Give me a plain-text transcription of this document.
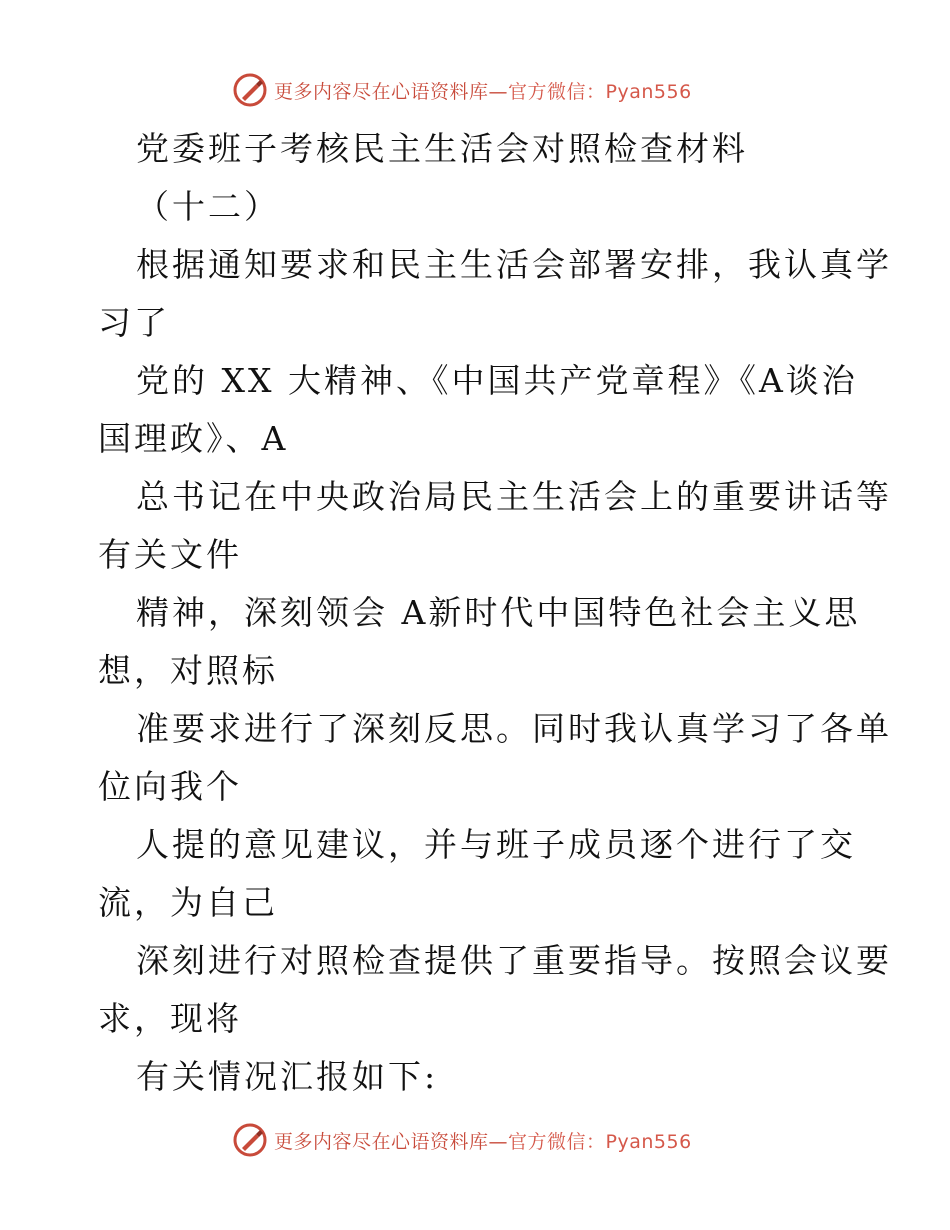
更多内容尽在心语资料库—官方微信：Pyan556
党委班子考核民主生活会对照检查材料
（十二）
根据通知要求和民主生活会部署安排，我认真学
习了
党的 XX 大精神、《中国共产党章程》《A谈治
国理政》、A
总书记在中央政治局民主生活会上的重要讲话等
有关文件
精神，深刻领会 A新时代中国特色社会主义思
想，对照标
准要求进行了深刻反思。同时我认真学习了各单
位向我个
人提的意见建议，并与班子成员逐个进行了交
流，为自己
深刻进行对照检查提供了重要指导。按照会议要
求，现将
有关情况汇报如下:
更多内容尽在心语资料库—官方微信：Pyan556
